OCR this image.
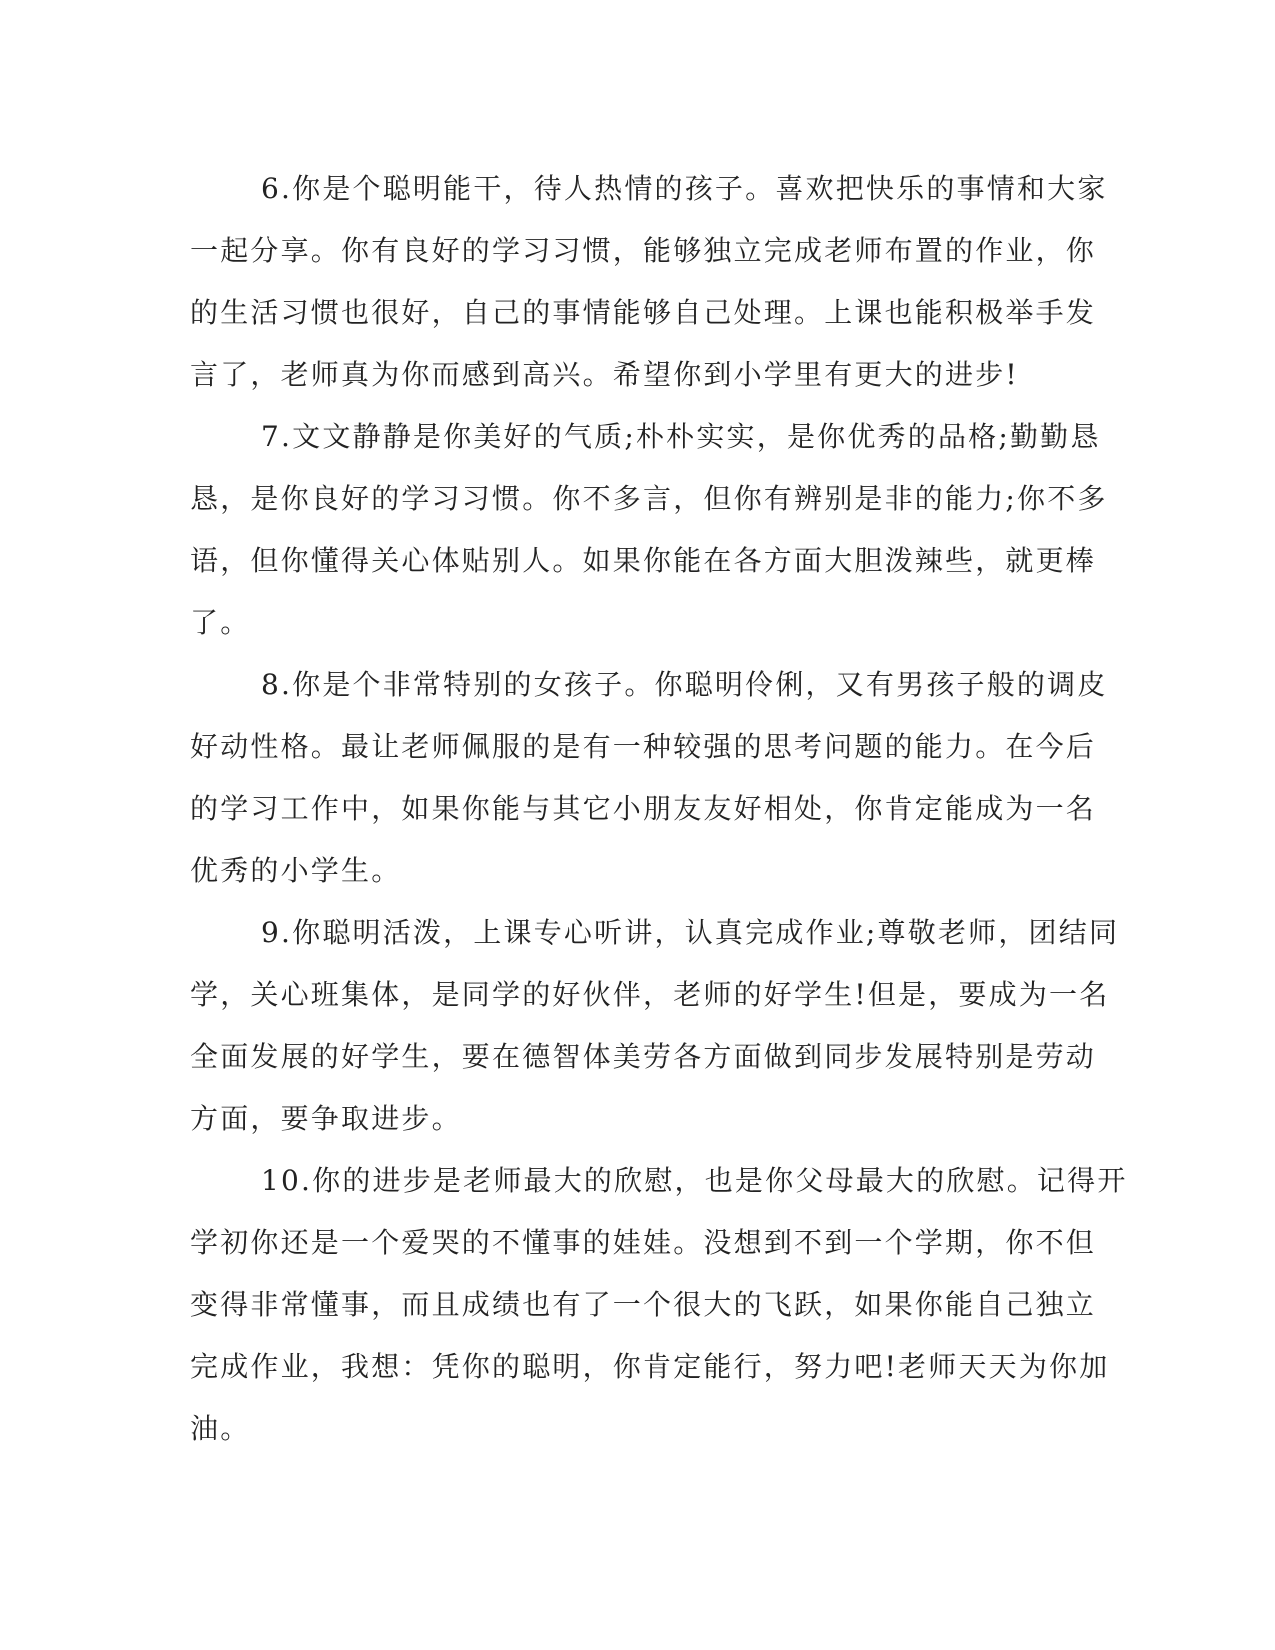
6.你是个聪明能干，待人热情的孩子。喜欢把快乐的事情和大家
一起分享。你有良好的学习习惯，能够独立完成老师布置的作业，你
的生活习惯也很好，自己的事情能够自己处理。上课也能积极举手发
言了，老师真为你而感到高兴。希望你到小学里有更大的进步!
7.文文静静是你美好的气质;朴朴实实，是你优秀的品格;勤勤恳
恳，是你良好的学习习惯。你不多言，但你有辨别是非的能力;你不多
语，但你懂得关心体贴别人。如果你能在各方面大胆泼辣些，就更棒
了。
8.你是个非常特别的女孩子。你聪明伶俐，又有男孩子般的调皮
好动性格。最让老师佩服的是有一种较强的思考问题的能力。在今后
的学习工作中，如果你能与其它小朋友友好相处，你肯定能成为一名
优秀的小学生。
9.你聪明活泼，上课专心听讲，认真完成作业;尊敬老师，团结同
学，关心班集体，是同学的好伙伴，老师的好学生!但是，要成为一名
全面发展的好学生，要在德智体美劳各方面做到同步发展特别是劳动
方面，要争取进步。
10.你的进步是老师最大的欣慰，也是你父母最大的欣慰。记得开
学初你还是一个爱哭的不懂事的娃娃。没想到不到一个学期，你不但
变得非常懂事，而且成绩也有了一个很大的飞跃，如果你能自己独立
完成作业，我想：凭你的聪明，你肯定能行，努力吧!老师天天为你加
油。
